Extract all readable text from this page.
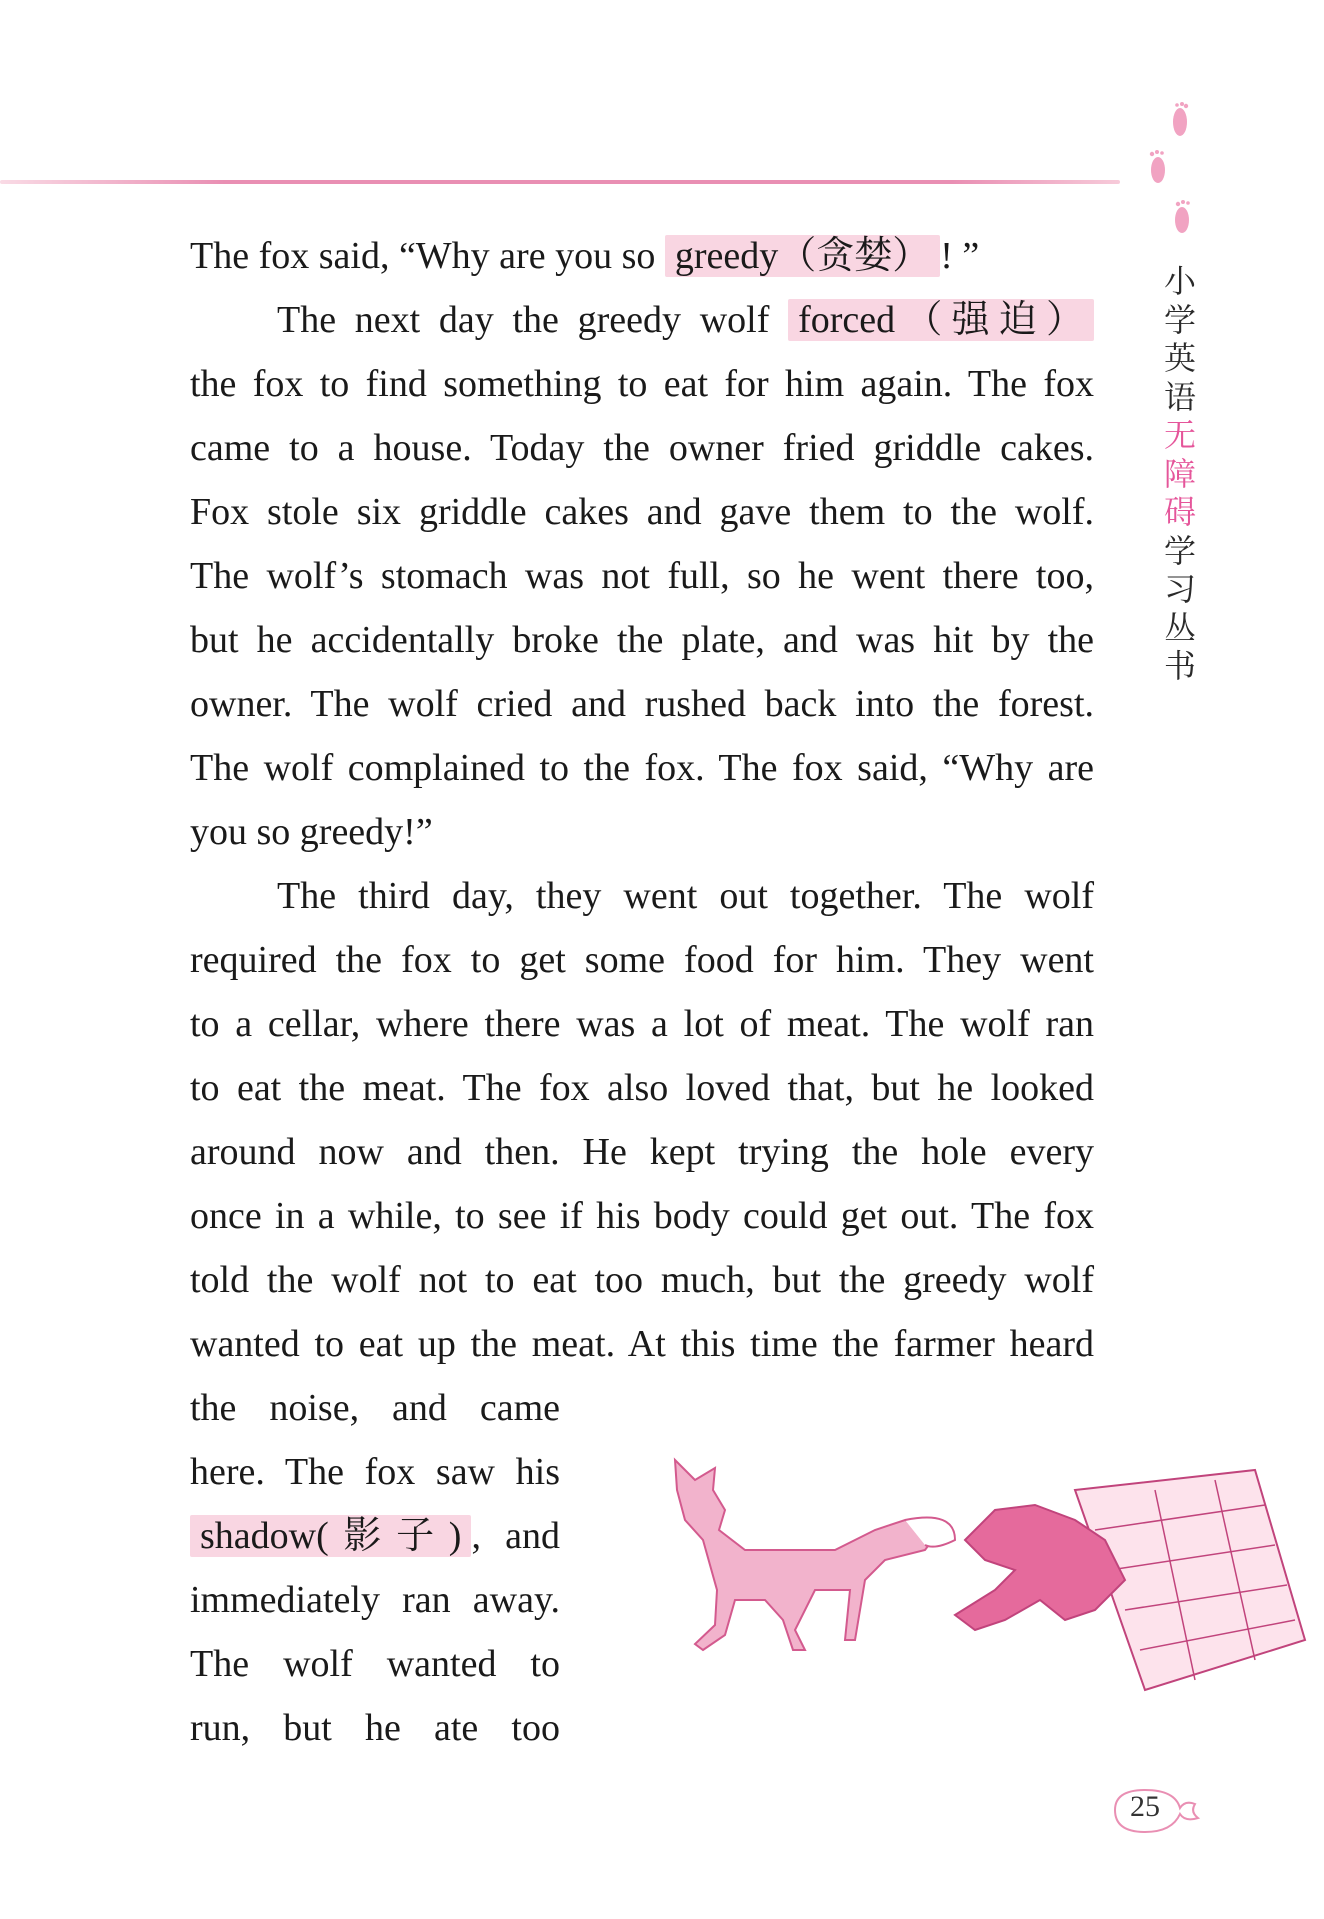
小
学
英
语
无
障
碍
学
习
丛
书
The fox said, “Why are you so greedy（贪婪） ! ”
The next day the greedy wolf forced（强迫）
the fox to find something to eat for him again. The fox
came to a house. Today the owner fried griddle cakes.
Fox stole six griddle cakes and gave them to the wolf.
The wolf’s stomach was not full, so he went there too,
but he accidentally broke the plate, and was hit by the
owner. The wolf cried and rushed back into the forest.
The wolf complained to the fox. The fox said, “Why are
you so greedy!”
The third day, they went out together. The wolf
required the fox to get some food for him. They went
to a cellar, where there was a lot of meat. The wolf ran
to eat the meat. The fox also loved that, but he looked
around now and then. He kept trying the hole every
once in a while, to see if his body could get out. The fox
told the wolf not to eat too much, but the greedy wolf
wanted to eat up the meat. At this time the farmer heard
the noise, and came
here. The fox saw his
shadow(影子) , and
immediately ran away.
The wolf wanted to
run, but he ate too
25
